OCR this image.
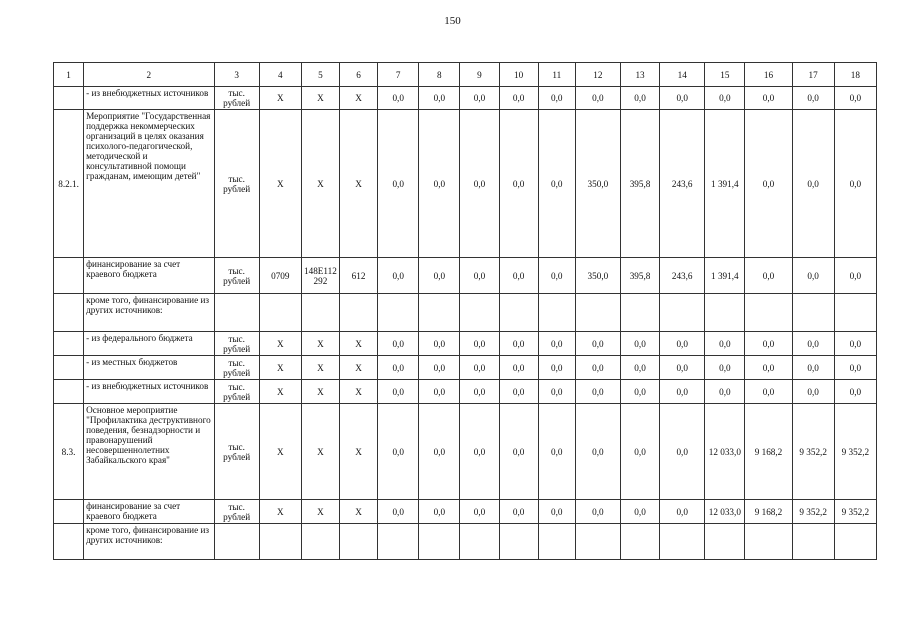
150
1	2	3	4	5	6	7	8	9	10	11	12	13	14	15	16	17	18
	- из внебюджетных источников	тыс. рублей	X	X	X	0,0	0,0	0,0	0,0	0,0	0,0	0,0	0,0	0,0	0,0	0,0	0,0
8.2.1.	Мероприятие "Государственная поддержка некоммерческих организаций в целях оказания психолого-педагогической, методической и консультативной помощи гражданам, имеющим детей"	тыс. рублей	X	X	X	0,0	0,0	0,0	0,0	0,0	350,0	395,8	243,6	1 391,4	0,0	0,0	0,0
	финансирование за счет краевого бюджета	тыс. рублей	0709	148E112292	612	0,0	0,0	0,0	0,0	0,0	350,0	395,8	243,6	1 391,4	0,0	0,0	0,0
	кроме того, финансирование из других источников:																
	- из федерального бюджета	тыс. рублей	X	X	X	0,0	0,0	0,0	0,0	0,0	0,0	0,0	0,0	0,0	0,0	0,0	0,0
	- из местных бюджетов	тыс. рублей	X	X	X	0,0	0,0	0,0	0,0	0,0	0,0	0,0	0,0	0,0	0,0	0,0	0,0
	- из внебюджетных источников	тыс. рублей	X	X	X	0,0	0,0	0,0	0,0	0,0	0,0	0,0	0,0	0,0	0,0	0,0	0,0
8.3.	Основное мероприятие "Профилактика деструктивного поведения, безнадзорности и правонарушений несовершеннолетних Забайкальского края"	тыс. рублей	X	X	X	0,0	0,0	0,0	0,0	0,0	0,0	0,0	0,0	12 033,0	9 168,2	9 352,2	9 352,2
	финансирование за счет краевого бюджета	тыс. рублей	X	X	X	0,0	0,0	0,0	0,0	0,0	0,0	0,0	0,0	12 033,0	9 168,2	9 352,2	9 352,2
	кроме того, финансирование из других источников:																
